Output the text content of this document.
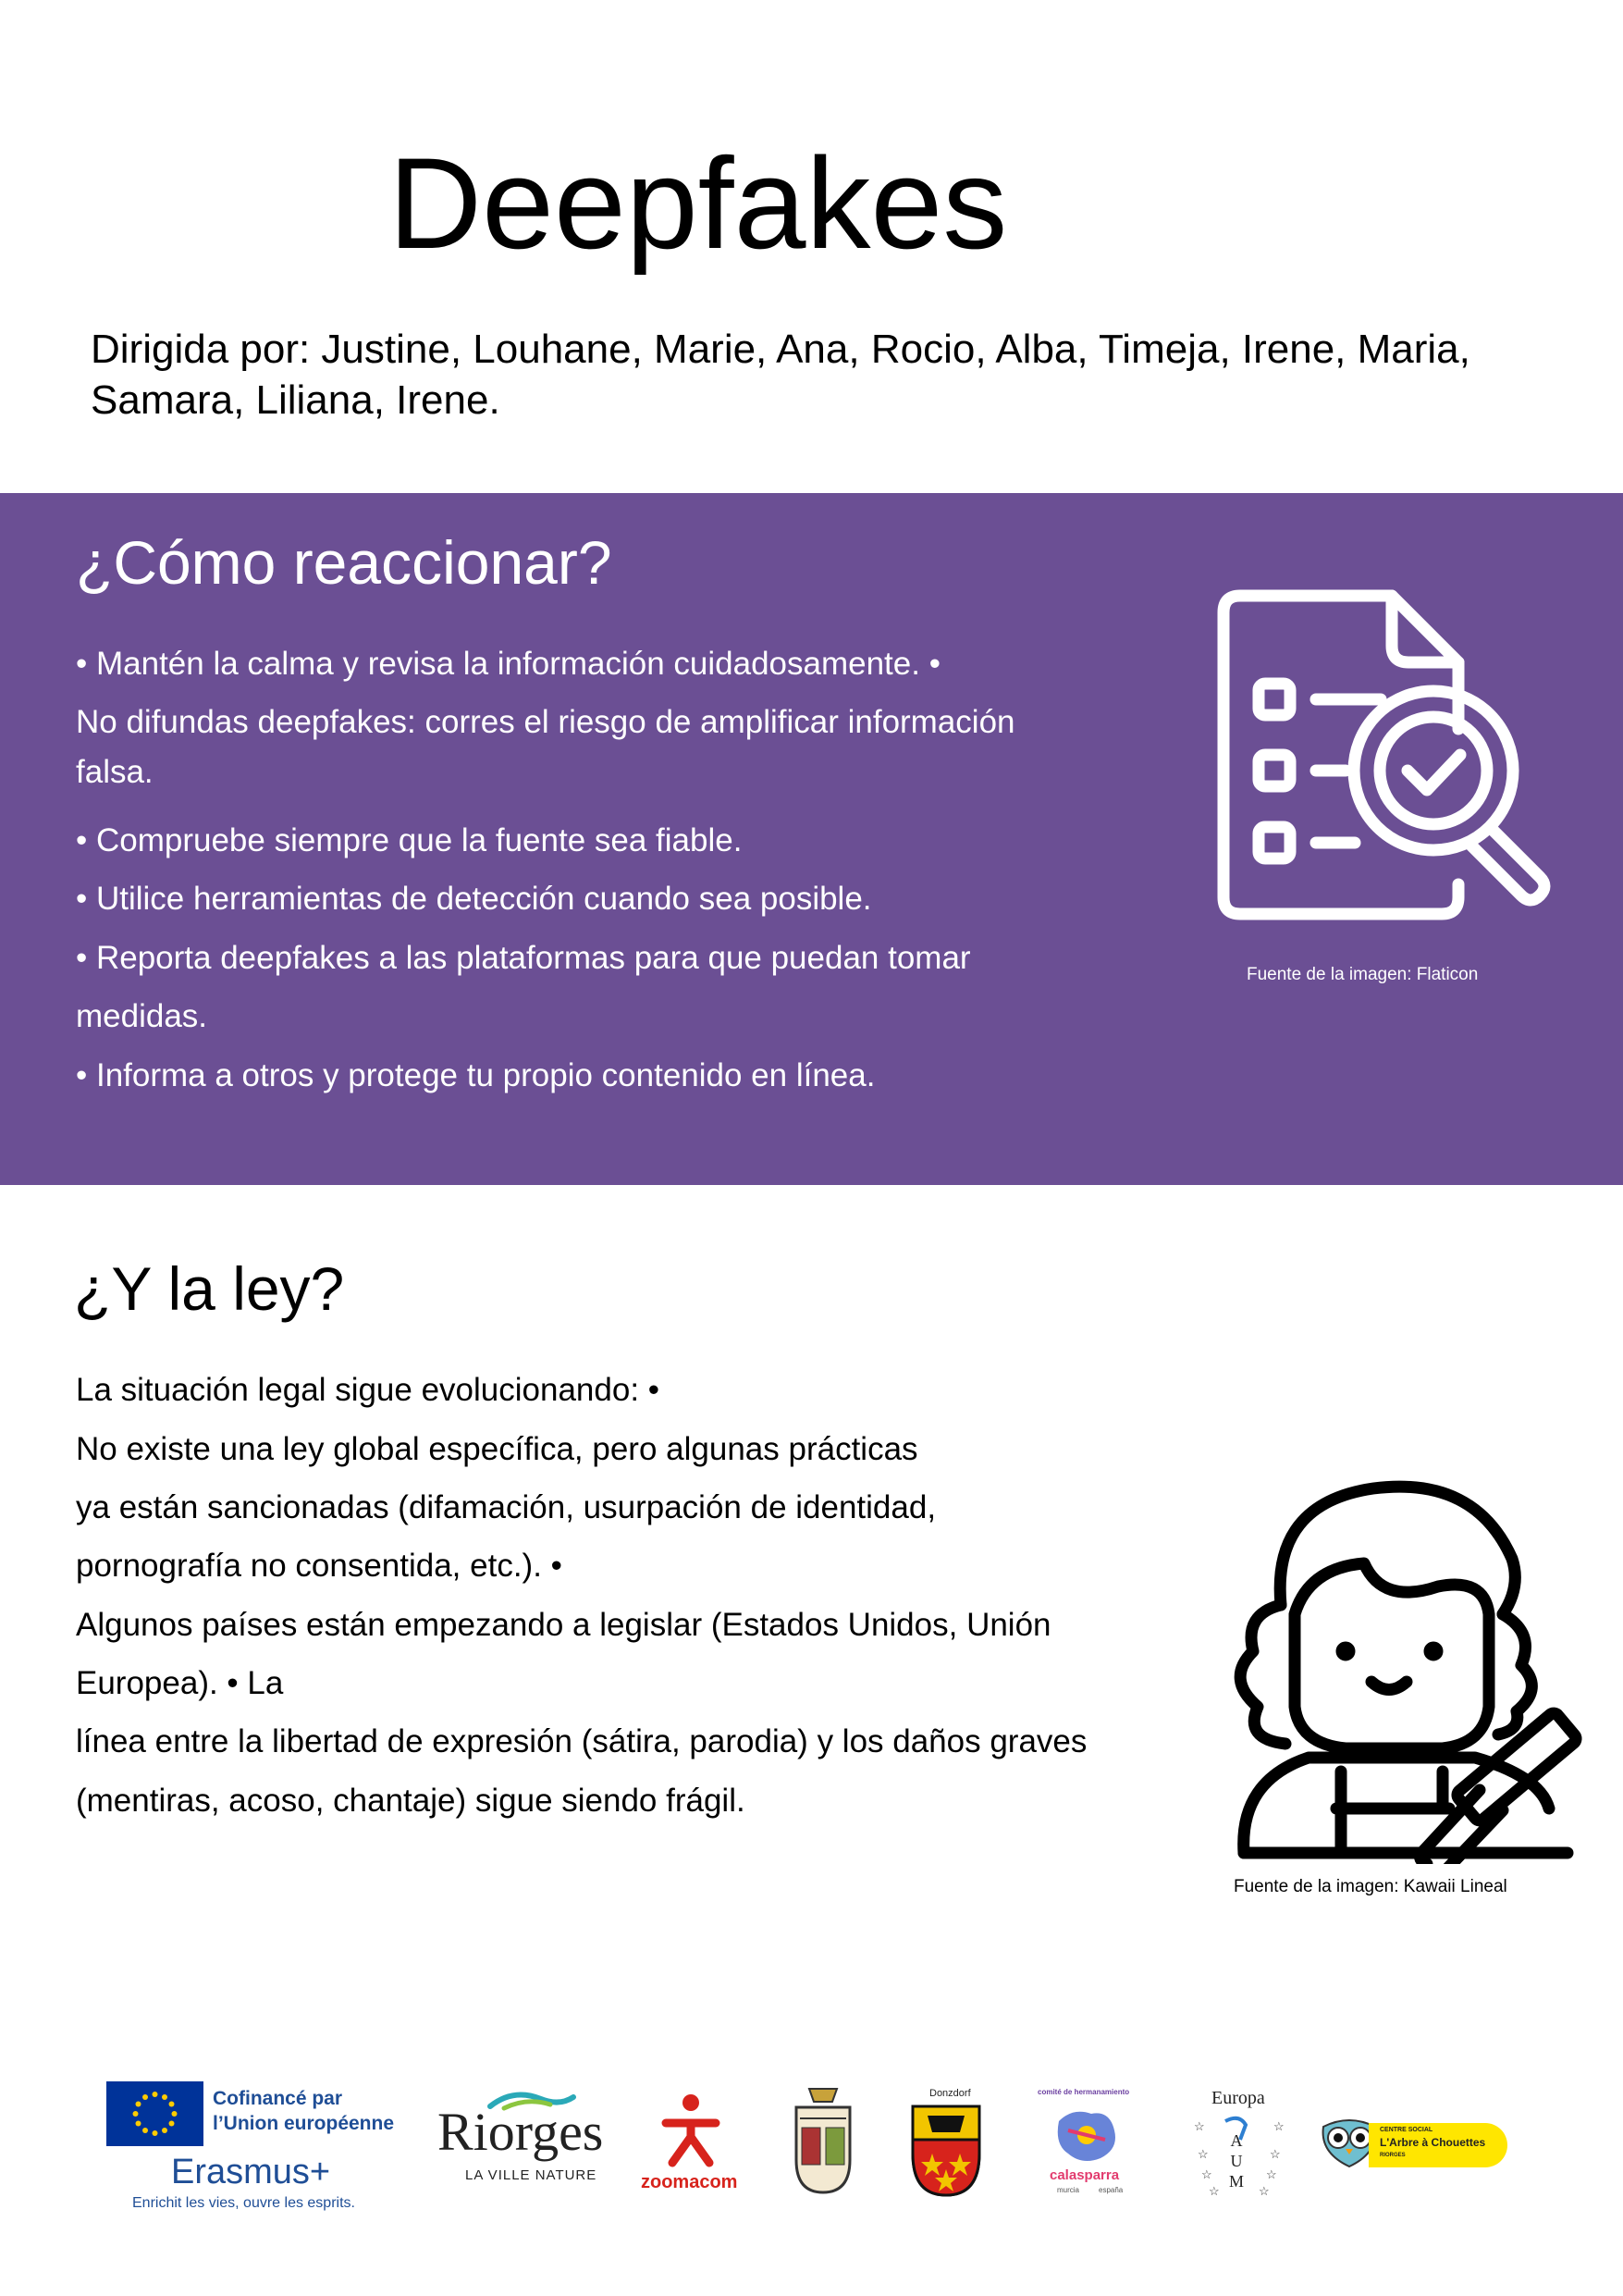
Deepfakes
Dirigida por: Justine, Louhane, Marie, Ana, Rocio, Alba, Timeja, Irene, Maria, Samara, Liliana, Irene.
¿Cómo reaccionar?
• Mantén la calma y revisa la información cuidadosamente. •
No difundas deepfakes: corres el riesgo de amplificar información
falsa.
• Compruebe siempre que la fuente sea fiable.
• Utilice herramientas de detección cuando sea posible.
• Reporta deepfakes a las plataformas para que puedan tomar
medidas.
• Informa a otros y protege tu propio contenido en línea.
Fuente de la imagen: Flaticon
¿Y la ley?
La situación legal sigue evolucionando: •
No existe una ley global específica, pero algunas prácticas
ya están sancionadas (difamación, usurpación de identidad,
pornografía no consentida, etc.). •
Algunos países están empezando a legislar (Estados Unidos, Unión
Europea). • La
línea entre la libertad de expresión (sátira, parodia) y los daños graves
(mentiras, acoso, chantaje) sigue siendo frágil.
Fuente de la imagen: Kawaii Lineal
Cofinancé par
l’Union européenne
Erasmus+
Enrichit les vies, ouvre les esprits.
Riorges
LA VILLE NATURE zoomacom
Donzdorf	comité de hermanamiento
calasparra
murcia	españa
Europa
☆	☆
☆	☆
☆	☆
☆	☆
A
U
M
CENTRE SOCIAL
L'Arbre à Chouettes
RIORGES
